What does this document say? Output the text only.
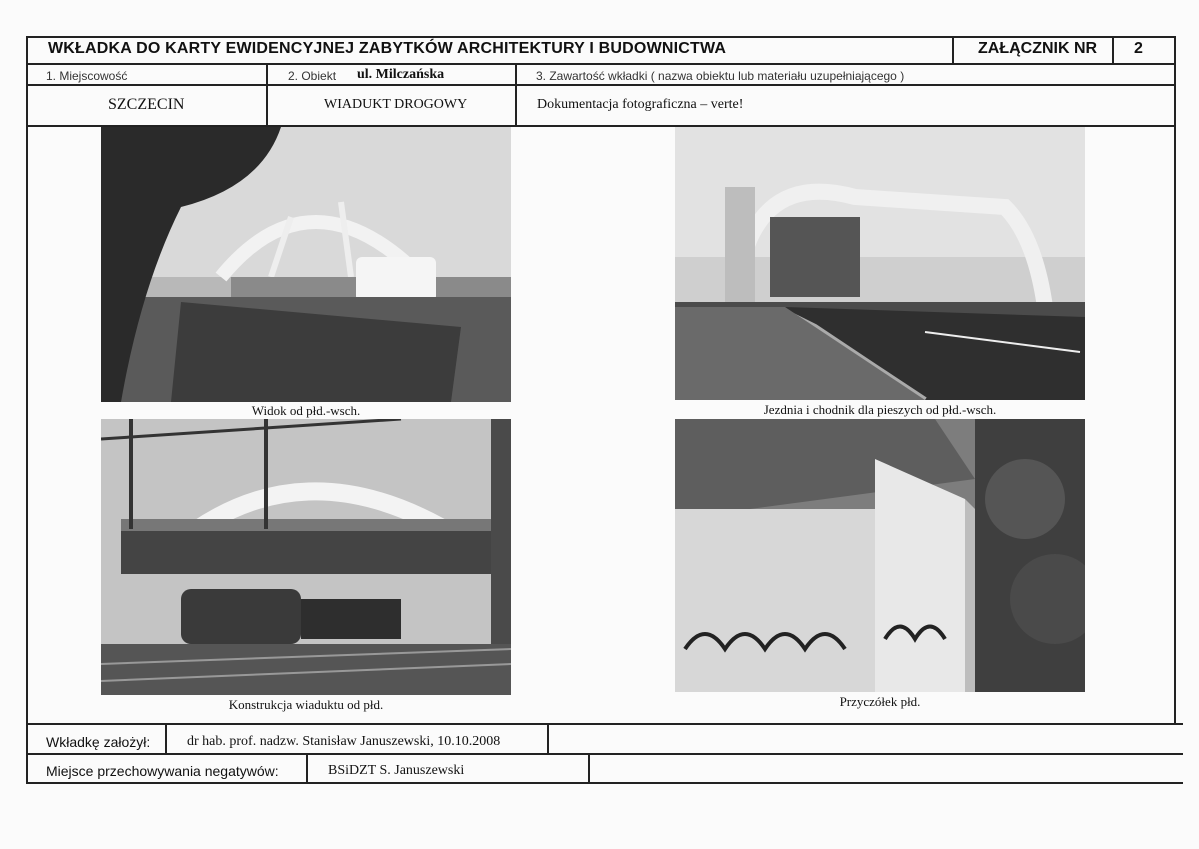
WKŁADKA DO KARTY EWIDENCYJNEJ ZABYTKÓW ARCHITEKTURY I BUDOWNICTWA	ZAŁĄCZNIK NR 2
1. Miejscowość	2. Obiekt ul. Milczańska	3. Zawartość wkładki ( nazwa obiektu lub materiału uzupełniającego )
SZCZECIN	WIADUKT DROGOWY	Dokumentacja fotograficzna – verte!
Widok od płd.-wsch.	Jezdnia i chodnik dla pieszych od płd.-wsch.
Konstrukcja wiaduktu od płd.	Przyczółek płd.
Wkładkę założył:	dr hab. prof. nadzw. Stanisław Januszewski, 10.10.2008
Miejsce przechowywania negatywów:	BSiDZT S. Januszewski
